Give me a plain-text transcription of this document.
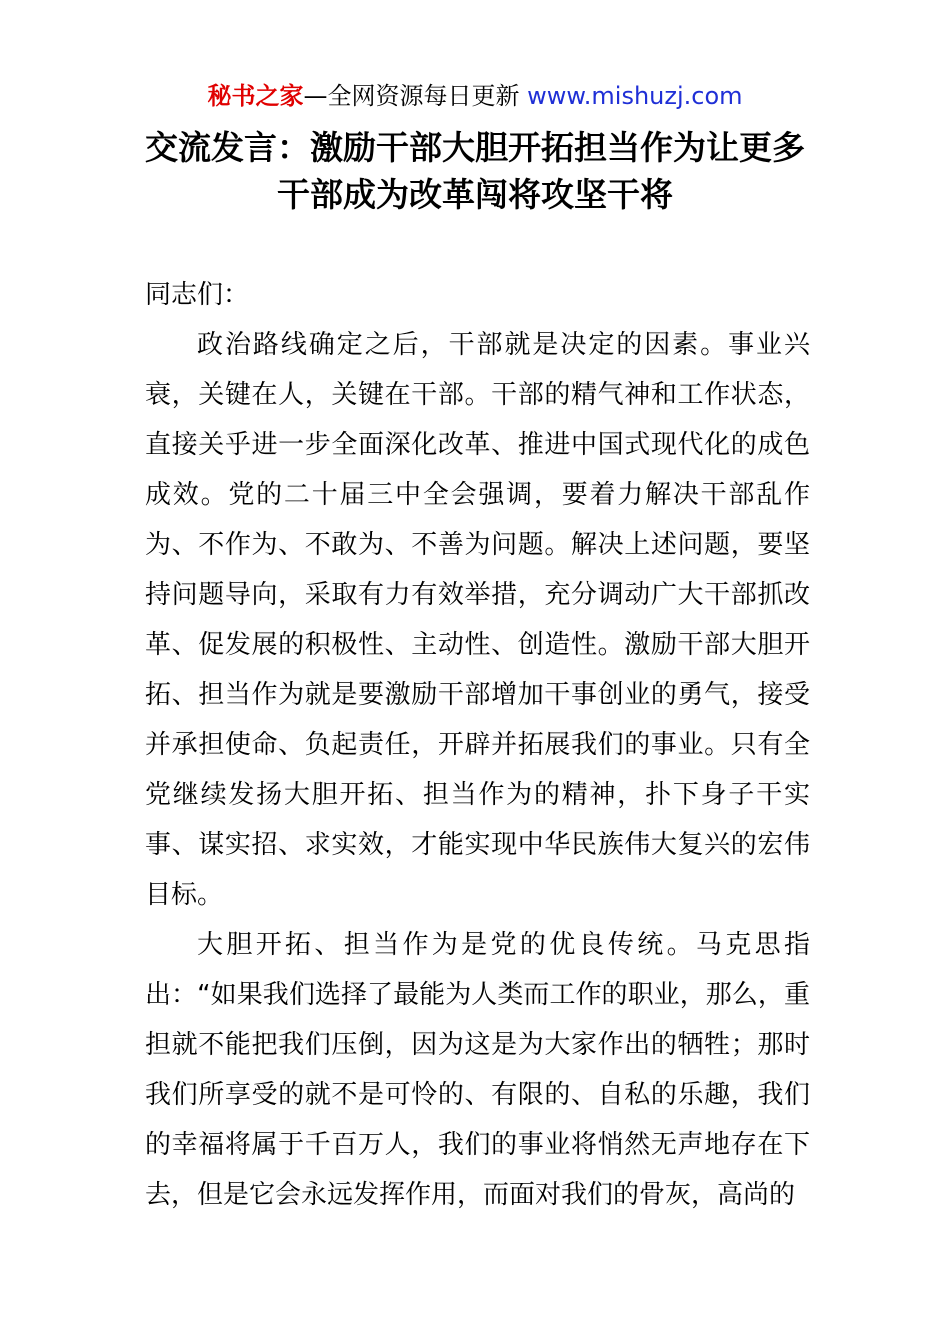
秘书之家—全网资源每日更新 www.mishuzj.com
交流发言：激励干部大胆开拓担当作为让更多干部成为改革闯将攻坚干将

同志们：

政治路线确定之后，干部就是决定的因素。事业兴衰，关键在人，关键在干部。干部的精气神和工作状态，直接关乎进一步全面深化改革、推进中国式现代化的成色成效。党的二十届三中全会强调，要着力解决干部乱作为、不作为、不敢为、不善为问题。解决上述问题，要坚持问题导向，采取有力有效举措，充分调动广大干部抓改革、促发展的积极性、主动性、创造性。激励干部大胆开拓、担当作为就是要激励干部增加干事创业的勇气，接受并承担使命、负起责任，开辟并拓展我们的事业。只有全党继续发扬大胆开拓、担当作为的精神，扑下身子干实事、谋实招、求实效，才能实现中华民族伟大复兴的宏伟目标。

大胆开拓、担当作为是党的优良传统。马克思指出：“如果我们选择了最能为人类而工作的职业，那么，重担就不能把我们压倒，因为这是为大家作出的牺牲；那时我们所享受的就不是可怜的、有限的、自私的乐趣，我们的幸福将属于千百万人，我们的事业将悄然无声地存在下去，但是它会永远发挥作用，而面对我们的骨灰，高尚的
